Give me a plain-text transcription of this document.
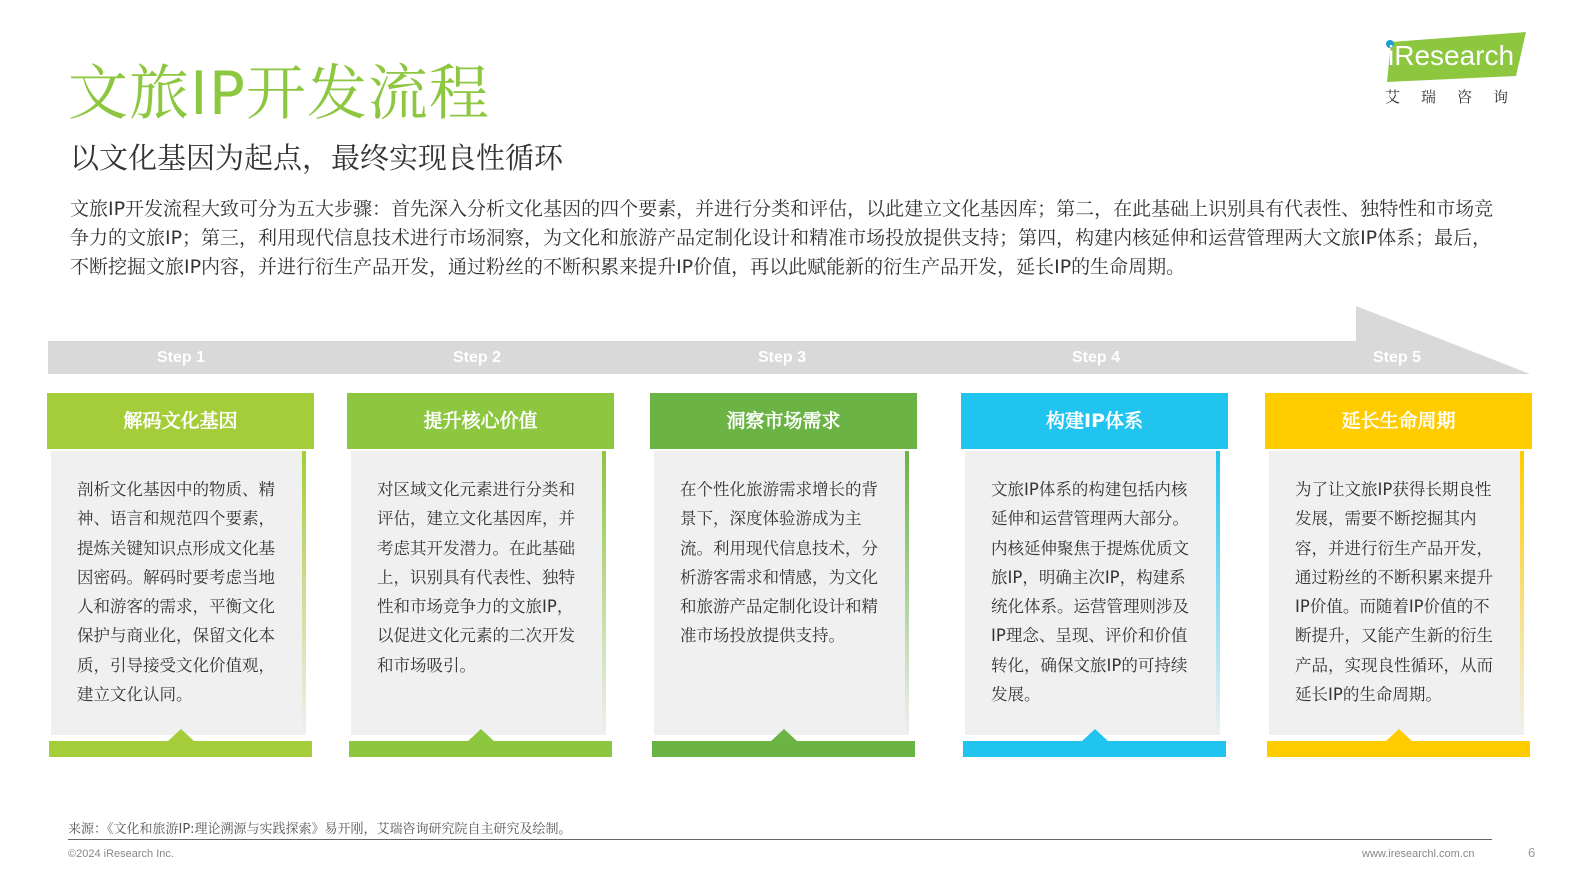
文旅IP开发流程
以文化基因为起点，最终实现良性循环
文旅IP开发流程大致可分为五大步骤：首先深入分析文化基因的四个要素，并进行分类和评估，以此建立文化基因库；第二，在此基础上识别具有代表性、独特性和市场竞争力的文旅IP；第三，利用现代信息技术进行市场洞察，为文化和旅游产品定制化设计和精准市场投放提供支持；第四，构建内核延伸和运营管理两大文旅IP体系；最后，不断挖掘文旅IP内容，并进行衍生产品开发，通过粉丝的不断积累来提升IP价值，再以此赋能新的衍生产品开发，延长IP的生命周期。
iResearch
艾瑞咨询
Step 1
解码文化基因
剖析文化基因中的物质、精神、语言和规范四个要素，提炼关键知识点形成文化基因密码。解码时要考虑当地人和游客的需求，平衡文化保护与商业化，保留文化本质，引导接受文化价值观，建立文化认同。
Step 2
提升核心价值
对区域文化元素进行分类和评估，建立文化基因库，并考虑其开发潜力。在此基础上，识别具有代表性、独特性和市场竞争力的文旅IP，以促进文化元素的二次开发和市场吸引。
Step 3
洞察市场需求
在个性化旅游需求增长的背景下，深度体验游成为主流。利用现代信息技术，分析游客需求和情感，为文化和旅游产品定制化设计和精准市场投放提供支持。
Step 4
构建IP体系
文旅IP体系的构建包括内核延伸和运营管理两大部分。内核延伸聚焦于提炼优质文旅IP，明确主次IP，构建系统化体系。运营管理则涉及IP理念、呈现、评价和价值转化，确保文旅IP的可持续发展。
Step 5
延长生命周期
为了让文旅IP获得长期良性发展，需要不断挖掘其内容，并进行衍生产品开发，通过粉丝的不断积累来提升IP价值。而随着IP价值的不断提升，又能产生新的衍生产品，实现良性循环，从而延长IP的生命周期。
来源：《文化和旅游IP:理论溯源与实践探索》易开刚，艾瑞咨询研究院自主研究及绘制。
©2024 iResearch Inc.	www.iresearchl.com.cn	6
